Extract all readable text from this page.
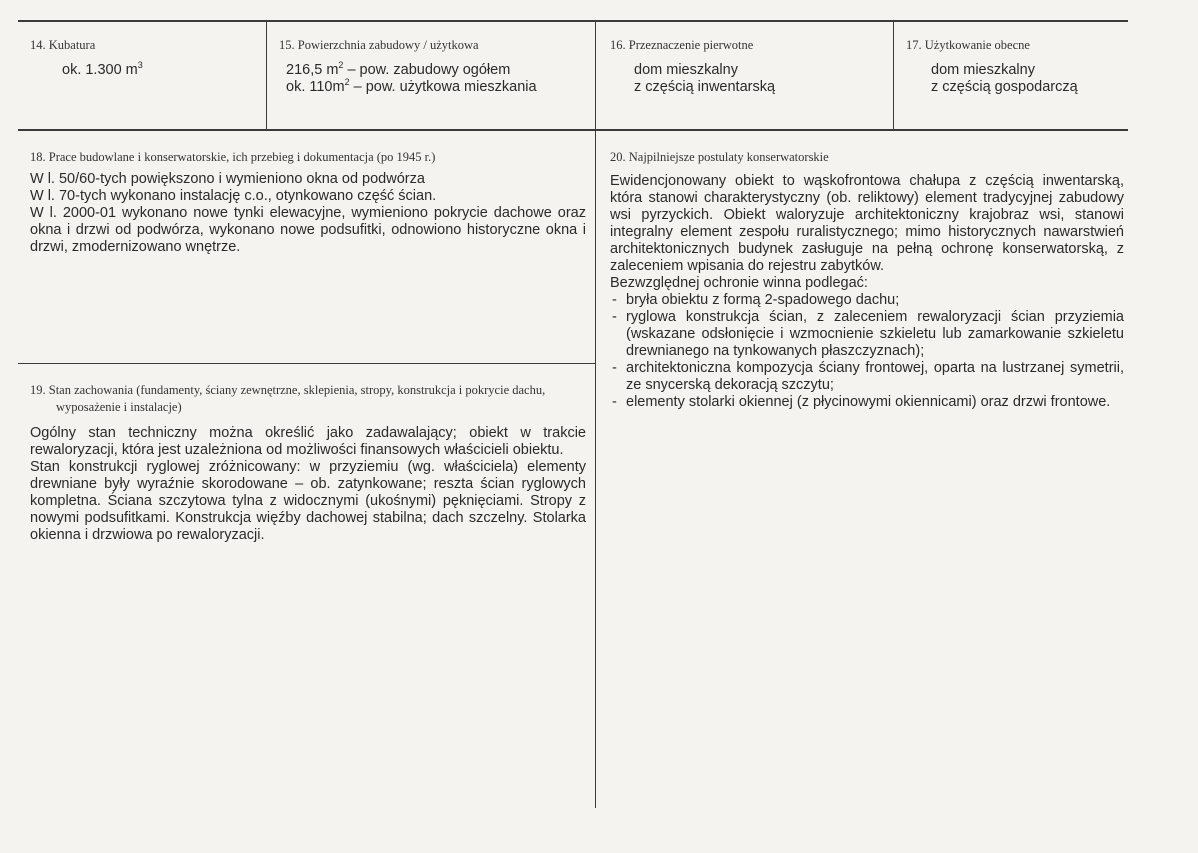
14. Kubatura
ok. 1.300 $m^3$
15. Powierzchnia zabudowy / użytkowa
216,5 $m^2$ – pow. zabudowy ogółem
ok. $110m^2$ – pow. użytkowa mieszkania
16. Przeznaczenie pierwotne
dom mieszkalny
z częścią inwentarską
17. Użytkowanie obecne
dom mieszkalny
z częścią gospodarczą
18. Prace budowlane i konserwatorskie, ich przebieg i dokumentacja (po 1945 r.)
W l. 50/60-tych powiększono i wymieniono okna od podwórza
W l. 70-tych wykonano instalację c.o., otynkowano część ścian.
W l. 2000-01 wykonano nowe tynki elewacyjne, wymieniono pokrycie dachowe oraz okna i drzwi od podwórza, wykonano nowe podsufitki, odnowiono historyczne okna i drzwi, zmodernizowano wnętrze.
19. Stan zachowania (fundamenty, ściany zewnętrzne, sklepienia, stropy, konstrukcja i pokrycie dachu, wyposażenie i instalacje)
Ogólny stan techniczny można określić jako zadawalający; obiekt w trakcie rewaloryzacji, która jest uzależniona od możliwości finansowych właścicieli obiektu.
Stan konstrukcji ryglowej zróżnicowany: w przyziemiu (wg. właściciela) elementy drewniane były wyraźnie skorodowane – ob. zatynkowane; reszta ścian ryglowych kompletna. Ściana szczytowa tylna z widocznymi (ukośnymi) pęknięciami. Stropy z nowymi podsufitkami. Konstrukcja więźby dachowej stabilna; dach szczelny. Stolarka okienna i drzwiowa po rewaloryzacji.
20. Najpilniejsze postulaty konserwatorskie
Ewidencjonowany obiekt to wąskofrontowa chałupa z częścią inwentarską, która stanowi charakterystyczny (ob. reliktowy) element tradycyjnej zabudowy wsi pyrzyckich. Obiekt waloryzuje architektoniczny krajobraz wsi, stanowi integralny element zespołu ruralistycznego; mimo historycznych nawarstwień architektonicznych budynek zasługuje na pełną ochronę konserwatorską, z zaleceniem wpisania do rejestru zabytków.
Bezwzględnej ochronie winna podlegać:
- bryła obiektu z formą 2-spadowego dachu;
- ryglowa konstrukcja ścian, z zaleceniem rewaloryzacji ścian przyziemia (wskazane odsłonięcie i wzmocnienie szkieletu lub zamarkowanie szkieletu drewnianego na tynkowanych płaszczyznach);
- architektoniczna kompozycja ściany frontowej, oparta na lustrzanej symetrii, ze snycerską dekoracją szczytu;
- elementy stolarki okiennej (z płycinowymi okiennicami) oraz drzwi frontowe.
